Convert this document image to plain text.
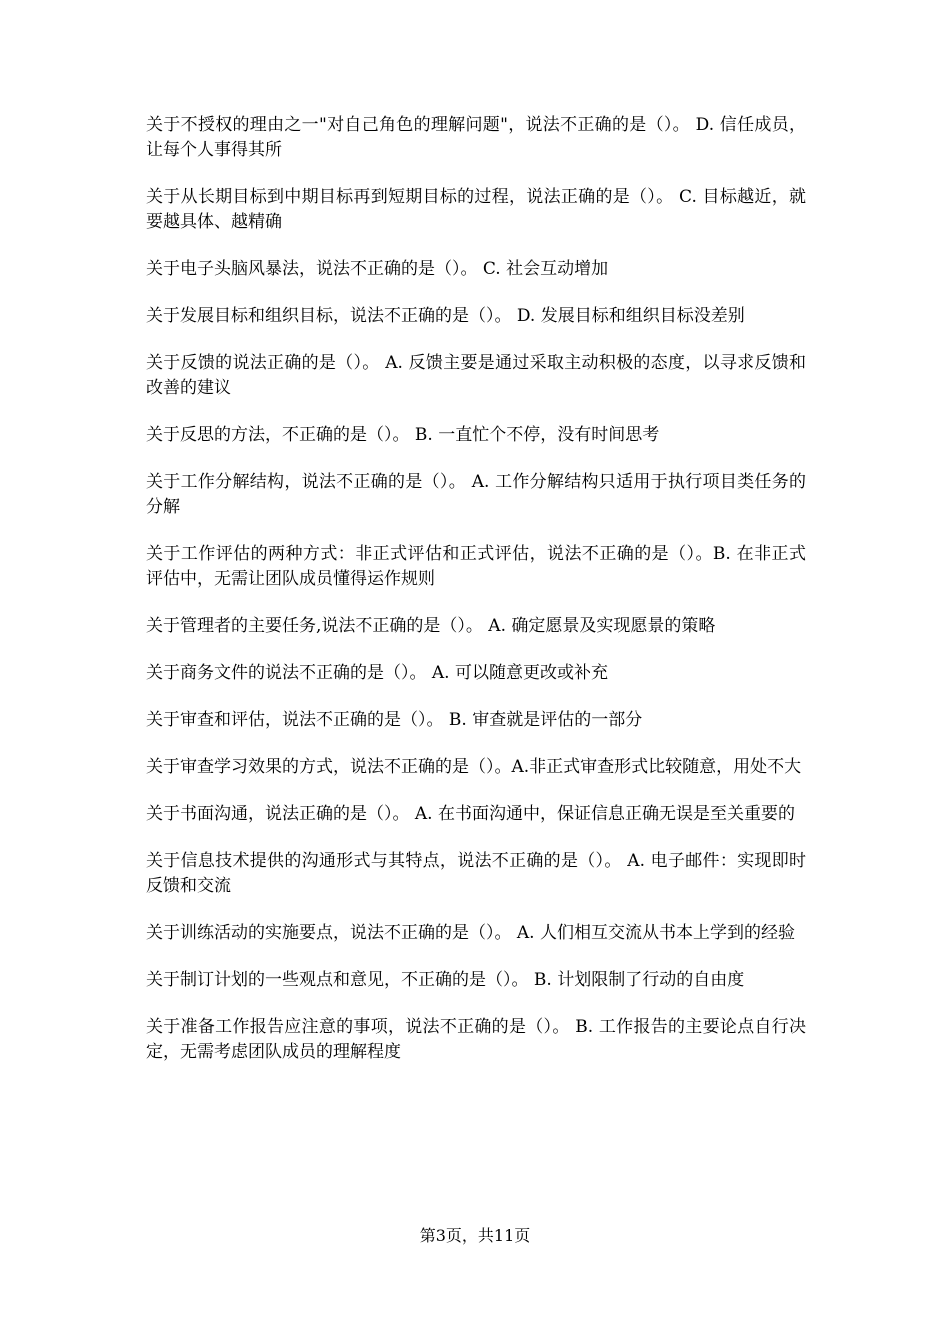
关于不授权的理由之一"对自己角色的理解问题"，说法不正确的是（）。 D. 信任成员，让每个人事得其所
关于从长期目标到中期目标再到短期目标的过程，说法正确的是（）。 C. 目标越近，就要越具体、越精确
关于电子头脑风暴法，说法不正确的是（）。 C. 社会互动增加
关于发展目标和组织目标，说法不正确的是（）。 D. 发展目标和组织目标没差别
关于反馈的说法正确的是（）。 A. 反馈主要是通过采取主动积极的态度，以寻求反馈和改善的建议
关于反思的方法，不正确的是（）。 B. 一直忙个不停，没有时间思考
关于工作分解结构，说法不正确的是（）。 A. 工作分解结构只适用于执行项目类任务的分解
关于工作评估的两种方式：非正式评估和正式评估，说法不正确的是（）。B. 在非正式评估中，无需让团队成员懂得运作规则
关于管理者的主要任务,说法不正确的是（）。 A. 确定愿景及实现愿景的策略
关于商务文件的说法不正确的是（）。 A. 可以随意更改或补充
关于审查和评估，说法不正确的是（）。 B. 审查就是评估的一部分
关于审查学习效果的方式，说法不正确的是（）。A.非正式审查形式比较随意，用处不大
关于书面沟通，说法正确的是（）。 A. 在书面沟通中，保证信息正确无误是至关重要的
关于信息技术提供的沟通形式与其特点，说法不正确的是（）。 A. 电子邮件：实现即时反馈和交流
关于训练活动的实施要点，说法不正确的是（）。 A. 人们相互交流从书本上学到的经验
关于制订计划的一些观点和意见，不正确的是（）。 B. 计划限制了行动的自由度
关于准备工作报告应注意的事项，说法不正确的是（）。 B. 工作报告的主要论点自行决定，无需考虑团队成员的理解程度
第3页，共11页
